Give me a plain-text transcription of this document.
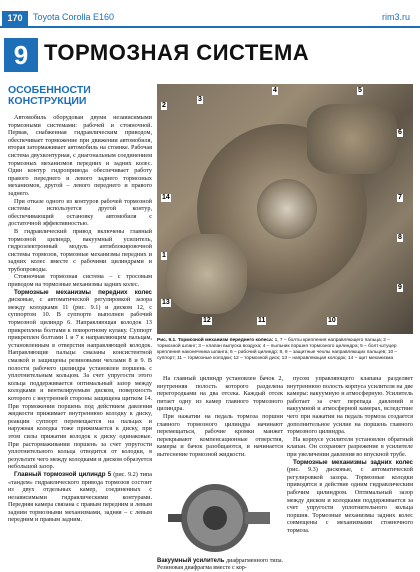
170	Toyota Corolla E160	rim3.ru
9 ТОРМОЗНАЯ СИСТЕМА
ОСОБЕННОСТИ КОНСТРУКЦИИ

Автомобиль оборудован двумя независимыми тормозными системами: рабочей и стояночной. Первая, снабженная гидравлическим приводом, обеспечивает торможение при движении автомобиля, вторая затормаживает автомобиль на стоянке. Рабочая система двухконтурная, с диагональным соединением тормозных механизмов передних и задних колес. Один контур гидропривода обеспечивает работу правого переднего и левого заднего тормозных механизмов, другой – левого переднего и правого заднего.

При отказе одного из контуров рабочей тормозной системы используется другой контур, обеспечивающий остановку автомобиля с достаточной эффективностью.

В гидравлический привод включены главный тормозной цилиндр, вакуумный усилитель, гидроэлектронный модуль антиблокировочной системы тормозов, тормозные механизмы передних и задних колес вместе с рабочими цилиндрами и трубопроводы.

Стояночная тормозная система – с тросовым приводом на тормозные механизмы задних колес.

Тормозные механизмы передних колес дисковые, с автоматической регулировкой зазора между колодками 11 (рис. 9.1) и диском 12, с суппортом 10. В суппорте выполнен рабочий тормозной цилиндр 6. Направляющая колодок 13 прикреплена болтами к поворотному кулаку. Суппорт прикреплен болтами 1 и 7 к направляющим пальцам, установленным в отверстия направляющей колодок. Направляющие пальцы смазаны консистентной смазкой и защищены резиновыми чехлами 8 и 9. В полости рабочего цилиндра установлен поршень с уплотнительным кольцом. За счет упругости этого кольца поддерживается оптимальный зазор между колодками и вентилируемым диском, поверхность которого с внутренней стороны защищена щитком 14. При торможении поршень под действием давления жидкости прижимает внутреннюю колодку к диску, реакции суппорт перемещается на пальцах и наружная колодка тоже прижимается к диску, при этом силы прижатия колодок к диску одинаковые. При растормаживании поршень за счет упругости уплотнительного кольца отводится от колодки, в результате чего между колодками и диском образуется небольшой зазор.

Главный тормозной цилиндр 5 (рис. 9.2) типа «тандем» гидравлического привода тормозов состоит из двух отдельных камер, соединенных с независимыми гидравлическими контурами. Передняя камера связана с правым передним и левым задним тормозными механизмами, задняя – с левым передним и правым задним.

1
2
3
4	5
6
7
8
9
10
11
12
13
14
Рис. 9.1. Тормозной механизм переднего колеса: 1, 7 – болты крепления направляющего пальца; 2 – тормозной шланг; 3 – клапан выпуска воздуха; 4 – пыльник поршня тормозного цилиндра; 5 – болт-штуцер крепления наконечника шланга; 6 – рабочий цилиндр; 8, 9 – защитные чехлы направляющих пальцев; 10 – суппорт; 11 – тормозные колодки; 12 – тормозной диск; 13 – направляющая колодок; 14 – щит механизма

На главный цилиндр установлен бачок 2, внутренняя полость которого разделена перегородками на два отсека. Каждый отсек питает одну из камер главного тормозного цилиндра.

При нажатии на педаль тормоза поршни главного тормозного цилиндра начинают перемещаться, рабочие кромки манжет перекрывают компенсационные отверстия, камеры и бачок разобщаются, и начинается вытеснение тормозной жидкости.

Вакуумный усилитель диафрагменного типа. Резиновая диафрагма вместе с кор-

пусом управляющего клапана разделяет внутреннюю полость корпуса усилителя на две камеры: вакуумную и атмосферную. Усилитель работает за счет перепада давлений в вакуумной и атмосферной камерах, вследствие чего при нажатии на педаль тормоза создается дополнительное усилие на поршень главного тормозного цилиндра.

На корпусе усилителя установлен обратный клапан. Он сохраняет разрежение в усилителе при увеличении давления во впускной трубе.

Тормозные механизмы задних колес (рис. 9.3) дисковые, с автоматической регулировкой зазора. Тормозные колодки приводятся в действие одним гидравлическим рабочим цилиндром. Оптимальный зазор между диском и колодками поддерживается за счет упругости уплотнительного кольца поршня. Тормозные механизмы задних колес совмещены с механизмами стояночного тормоза.
